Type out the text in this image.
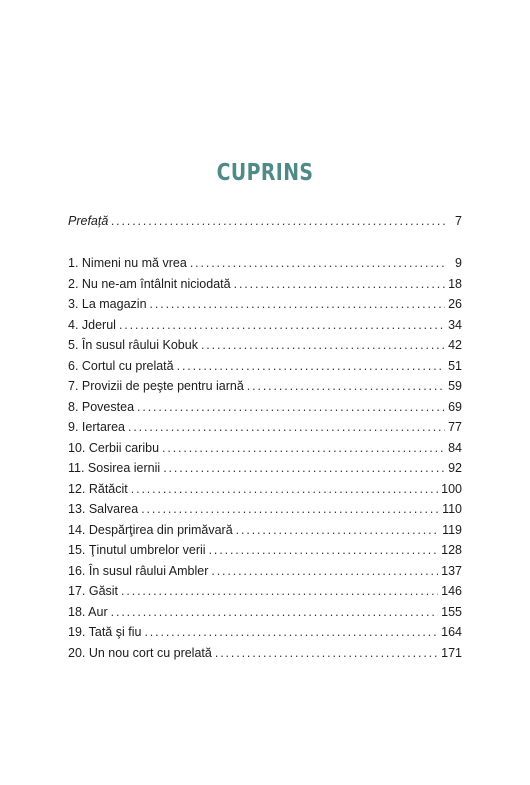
CUPRINS
Prefață . . .	7
1. Nimeni nu mă vrea . . .	9
2. Nu ne-am întâlnit niciodată . . .	18
3. La magazin . . .	26
4. Jderul . . .	34
5. În susul râului Kobuk . . .	42
6. Cortul cu prelată . . .	51
7. Provizii de peşte pentru iarnă . . .	59
8. Povestea . . .	69
9. Iertarea . . .	77
10. Cerbii caribu . . .	84
11. Sosirea iernii . . .	92
12. Rătăcit . . .	100
13. Salvarea . . .	110
14. Despărţirea din primăvară . . .	119
15. Ţinutul umbrelor verii . . .	128
16. În susul râului Ambler . . .	137
17. Găsit . . .	146
18. Aur . . .	155
19. Tată şi fiu . . .	164
20. Un nou cort cu prelată . . .	171
